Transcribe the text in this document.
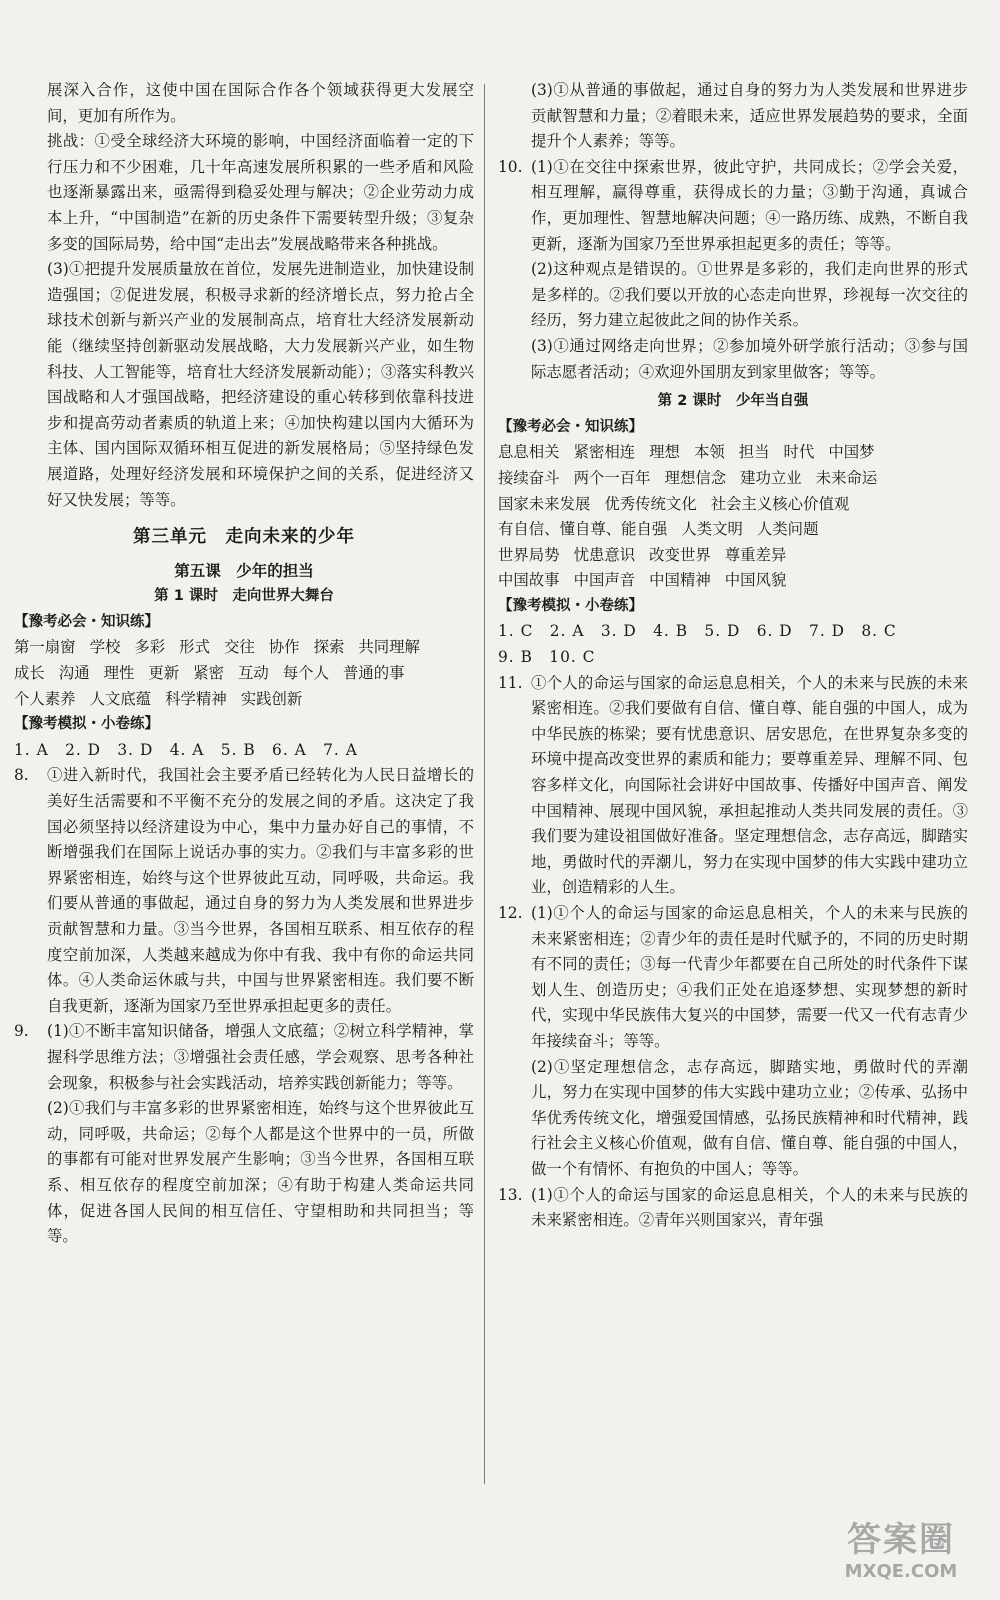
展深入合作，这使中国在国际合作各个领域获得更大发展空间，更加有所作为。

挑战：①受全球经济大环境的影响，中国经济面临着一定的下行压力和不少困难，几十年高速发展所积累的一些矛盾和风险也逐渐暴露出来，亟需得到稳妥处理与解决；②企业劳动力成本上升，“中国制造”在新的历史条件下需要转型升级；③复杂多变的国际局势，给中国“走出去”发展战略带来各种挑战。

(3)①把提升发展质量放在首位，发展先进制造业，加快建设制造强国；②促进发展，积极寻求新的经济增长点，努力抢占全球技术创新与新兴产业的发展制高点，培育壮大经济发展新动能（继续坚持创新驱动发展战略，大力发展新兴产业，如生物科技、人工智能等，培育壮大经济发展新动能）；③落实科教兴国战略和人才强国战略，把经济建设的重心转移到依靠科技进步和提高劳动者素质的轨道上来；④加快构建以国内大循环为主体、国内国际双循环相互促进的新发展格局；⑤坚持绿色发展道路，处理好经济发展和环境保护之间的关系，促进经济又好又快发展；等等。

第三单元　走向未来的少年
第五课　少年的担当
第 1 课时　走向世界大舞台
【豫考必会・知识练】
第一扇窗 学校 多彩 形式 交往 协作 探索 共同理解
成长 沟通 理性 更新 紧密 互动 每个人 普通的事
个人素养 人文底蕴 科学精神 实践创新
【豫考模拟・小卷练】

1. A　2. D　3. D　4. A　5. B　6. A　7. A

8.	①进入新时代，我国社会主要矛盾已经转化为人民日益增长的美好生活需要和不平衡不充分的发展之间的矛盾。这决定了我国必须坚持以经济建设为中心，集中力量办好自己的事情，不断增强我们在国际上说话办事的实力。②我们与丰富多彩的世界紧密相连，始终与这个世界彼此互动，同呼吸，共命运。我们要从普通的事做起，通过自身的努力为人类发展和世界进步贡献智慧和力量。③当今世界，各国相互联系、相互依存的程度空前加深，人类越来越成为你中有我、我中有你的命运共同体。④人类命运休戚与共，中国与世界紧密相连。我们要不断自我更新，逐渐为国家乃至世界承担起更多的责任。
9.	(1)①不断丰富知识储备，增强人文底蕴；②树立科学精神，掌握科学思维方法；③增强社会责任感，学会观察、思考各种社会现象，积极参与社会实践活动，培养实践创新能力；等等。

(2)①我们与丰富多彩的世界紧密相连，始终与这个世界彼此互动，同呼吸，共命运；②每个人都是这个世界中的一员，所做的事都有可能对世界发展产生影响；③当今世界，各国相互联系、相互依存的程度空前加深；④有助于构建人类命运共同体，促进各国人民间的相互信任、守望相助和共同担当；等等。

(3)①从普通的事做起，通过自身的努力为人类发展和世界进步贡献智慧和力量；②着眼未来，适应世界发展趋势的要求，全面提升个人素养；等等。

10. (1)①在交往中探索世界，彼此守护，共同成长；②学会关爱，相互理解，赢得尊重，获得成长的力量；③勤于沟通，真诚合作，更加理性、智慧地解决问题；④一路历练、成熟，不断自我更新，逐渐为国家乃至世界承担起更多的责任；等等。

(2)这种观点是错误的。①世界是多彩的，我们走向世界的形式是多样的。②我们要以开放的心态走向世界，珍视每一次交往的经历，努力建立起彼此之间的协作关系。

(3)①通过网络走向世界；②参加境外研学旅行活动；③参与国际志愿者活动；④欢迎外国朋友到家里做客；等等。

第 2 课时　少年当自强
【豫考必会・知识练】
息息相关 紧密相连 理想 本领 担当 时代 中国梦
接续奋斗 两个一百年 理想信念 建功立业 未来命运
国家未来发展 优秀传统文化 社会主义核心价值观
有自信、懂自尊、能自强 人类文明 人类问题
世界局势 忧患意识 改变世界 尊重差异
中国故事 中国声音 中国精神 中国风貌
【豫考模拟・小卷练】

1. C　2. A　3. D　4. B　5. D　6. D　7. D　8. C

9. B　10. C

11. ①个人的命运与国家的命运息息相关，个人的未来与民族的未来紧密相连。②我们要做有自信、懂自尊、能自强的中国人，成为中华民族的栋梁；要有忧患意识、居安思危，在世界复杂多变的环境中提高改变世界的素质和能力；要尊重差异、理解不同、包容多样文化，向国际社会讲好中国故事、传播好中国声音、阐发中国精神、展现中国风貌，承担起推动人类共同发展的责任。③我们要为建设祖国做好准备。坚定理想信念，志存高远，脚踏实地，勇做时代的弄潮儿，努力在实现中国梦的伟大实践中建功立业，创造精彩的人生。
12. (1)①个人的命运与国家的命运息息相关，个人的未来与民族的未来紧密相连；②青少年的责任是时代赋予的，不同的历史时期有不同的责任；③每一代青少年都要在自己所处的时代条件下谋划人生、创造历史；④我们正处在追逐梦想、实现梦想的新时代，实现中华民族伟大复兴的中国梦，需要一代又一代有志青少年接续奋斗；等等。

(2)①坚定理想信念，志存高远，脚踏实地，勇做时代的弄潮儿，努力在实现中国梦的伟大实践中建功立业；②传承、弘扬中华优秀传统文化，增强爱国情感，弘扬民族精神和时代精神，践行社会主义核心价值观，做有自信、懂自尊、能自强的中国人，做一个有情怀、有抱负的中国人；等等。

13. (1)①个人的命运与国家的命运息息相关，个人的未来与民族的未来紧密相连。②青年兴则国家兴，青年强
答案圈
MXQE.COM
